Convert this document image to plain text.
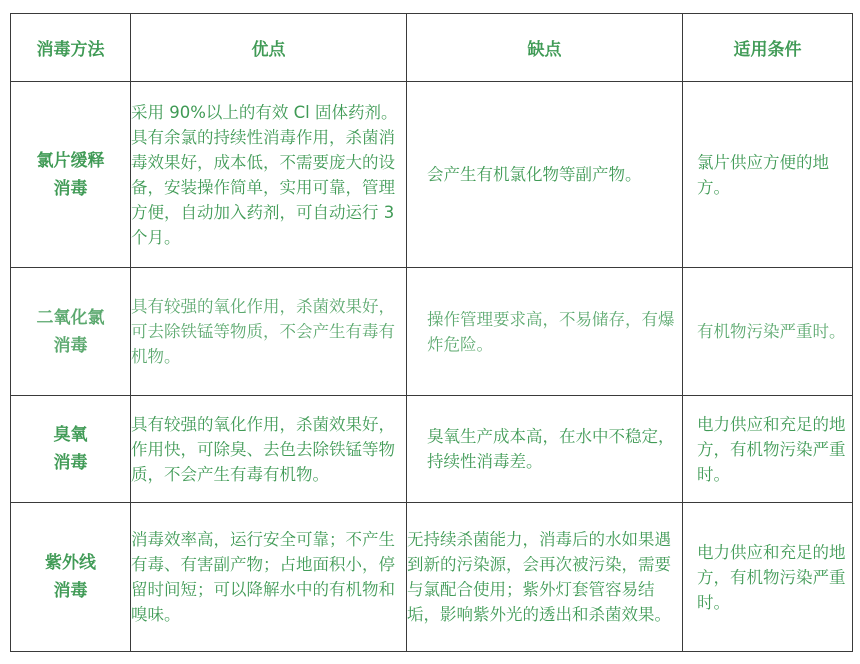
消毒方法	优点	缺点	适用条件

氯片缓释
消毒	采用 90%以上的有效 Cl 固体药剂。具有余氯的持续性消毒作用，杀菌消毒效果好，成本低，不需要庞大的设备，安装操作简单，实用可靠，管理方便，自动加入药剂，可自动运行 3 个月。	会产生有机氯化物等副产物。	氯片供应方便的地方。

二氧化氯
消毒	具有较强的氧化作用，杀菌效果好，可去除铁锰等物质，不会产生有毒有机物。	操作管理要求高，不易储存，有爆炸危险。	有机物污染严重时。

臭氧
消毒	具有较强的氧化作用，杀菌效果好，作用快，可除臭、去色去除铁锰等物质，不会产生有毒有机物。	臭氧生产成本高，在水中不稳定，持续性消毒差。	电力供应和充足的地方，有机物污染严重时。

紫外线
消毒	消毒效率高，运行安全可靠；不产生有毒、有害副产物；占地面积小，停留时间短；可以降解水中的有机物和嗅味。	无持续杀菌能力，消毒后的水如果遇到新的污染源，会再次被污染，需要与氯配合使用；紫外灯套管容易结垢，影响紫外光的透出和杀菌效果。	电力供应和充足的地方，有机物污染严重时。
